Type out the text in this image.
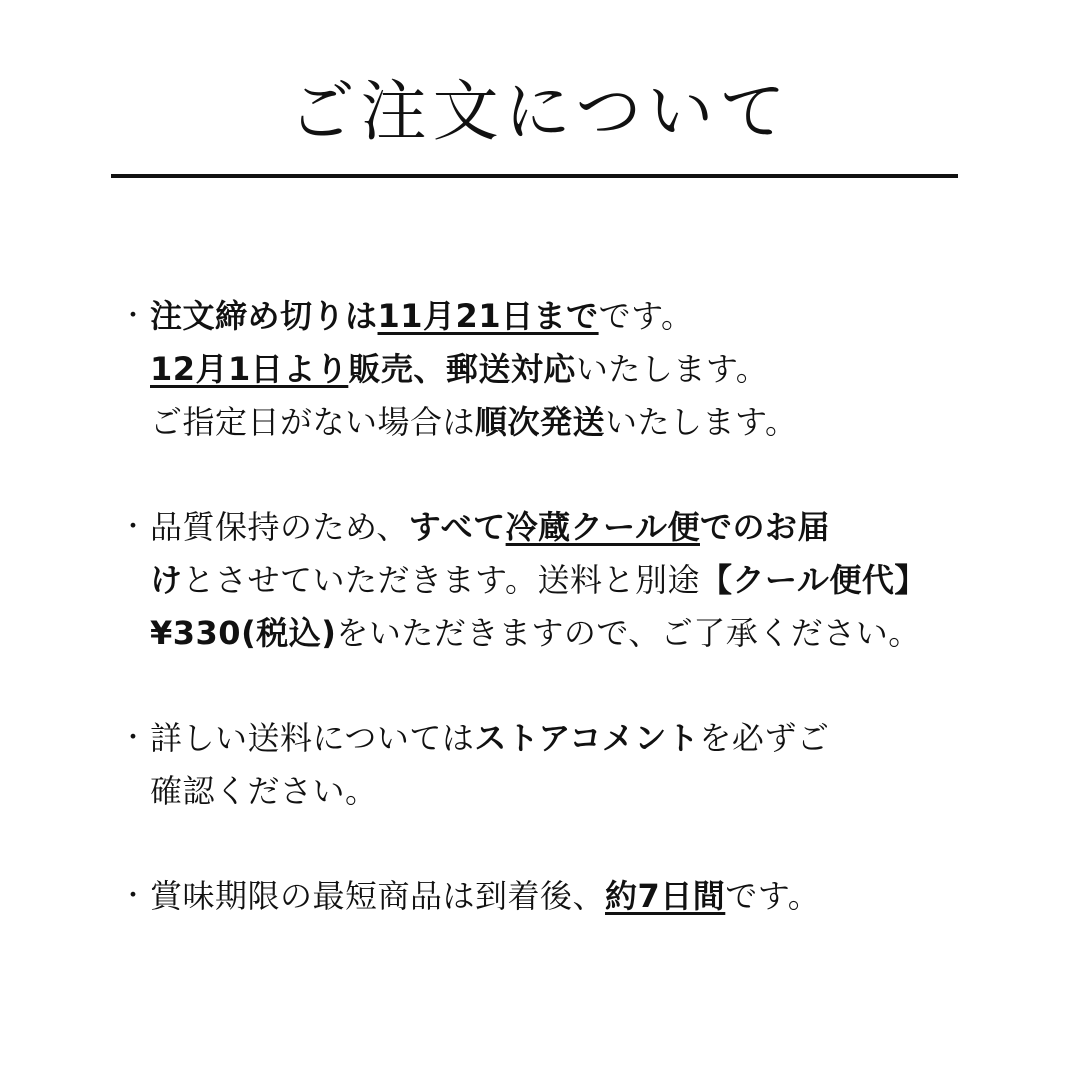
ご注文について
・ 注文締め切りは11月21日までです。
12月1日より販売、郵送対応いたします。
ご指定日がない場合は順次発送いたします。
・ 品質保持のため、すべて冷蔵クール便でのお届
けとさせていただきます。送料と別途【クール便代】
¥330(税込)をいただきますので、ご了承ください。
・ 詳しい送料についてはストアコメントを必ずご
確認ください。
・ 賞味期限の最短商品は到着後、約7日間です。
